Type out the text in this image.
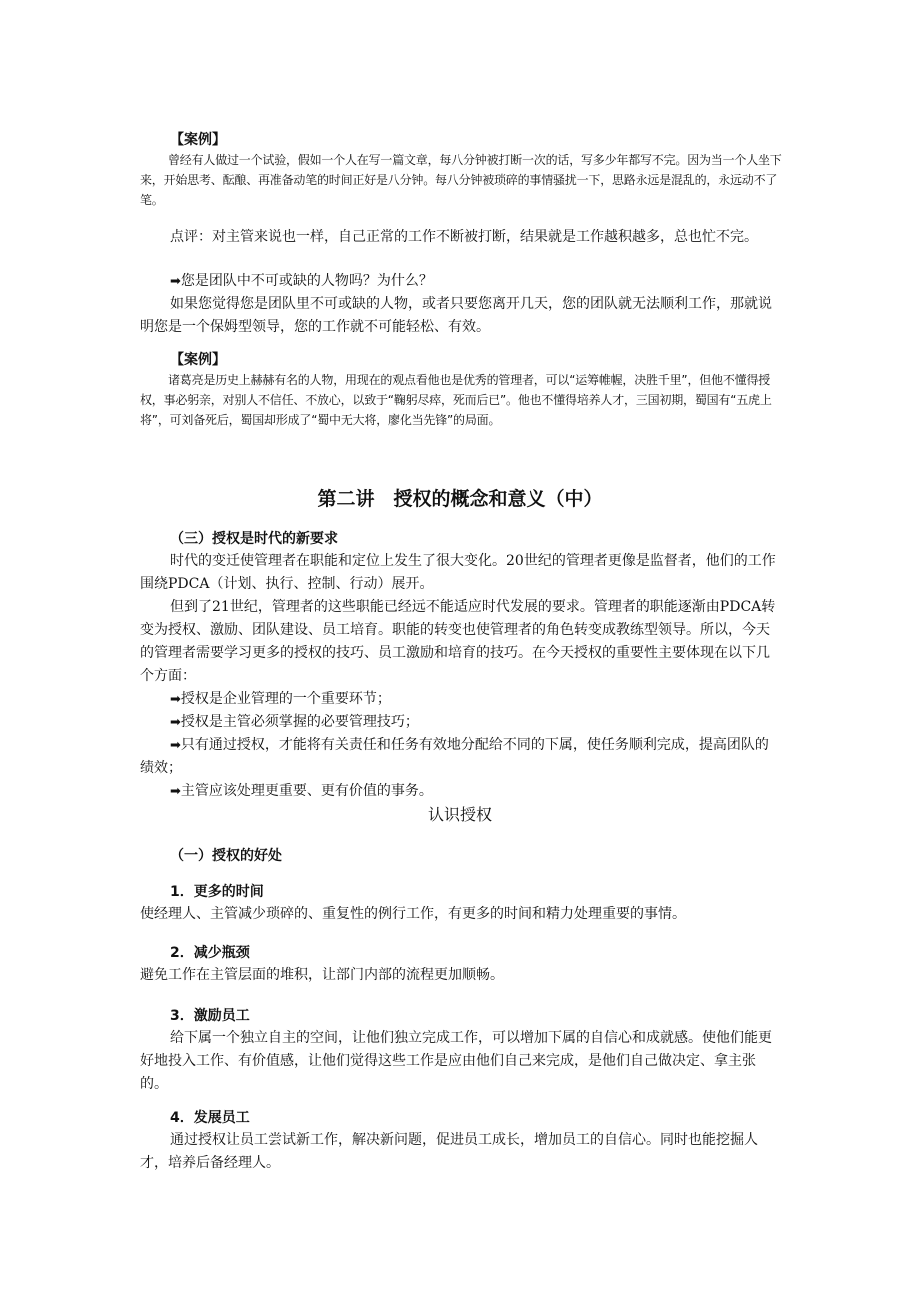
【案例】

曾经有人做过一个试验，假如一个人在写一篇文章，每八分钟被打断一次的话，写多少年都写不完。因为当一个人坐下来，开始思考、酝酿、再准备动笔的时间正好是八分钟。每八分钟被琐碎的事情骚扰一下，思路永远是混乱的，永远动不了笔。

点评：对主管来说也一样，自己正常的工作不断被打断，结果就是工作越积越多，总也忙不完。

➡您是团队中不可或缺的人物吗？为什么？

如果您觉得您是团队里不可或缺的人物，或者只要您离开几天，您的团队就无法顺利工作，那就说明您是一个保姆型领导，您的工作就不可能轻松、有效。

【案例】

诸葛亮是历史上赫赫有名的人物，用现在的观点看他也是优秀的管理者，可以“运筹帷幄，决胜千里”，但他不懂得授权，事必躬亲，对别人不信任、不放心，以致于“鞠躬尽瘁，死而后已”。他也不懂得培养人才，三国初期，蜀国有“五虎上将”，可刘备死后，蜀国却形成了“蜀中无大将，廖化当先锋”的局面。

第二讲　授权的概念和意义（中）

（三）授权是时代的新要求

时代的变迁使管理者在职能和定位上发生了很大变化。20世纪的管理者更像是监督者，他们的工作围绕PDCA（计划、执行、控制、行动）展开。

但到了21世纪，管理者的这些职能已经远不能适应时代发展的要求。管理者的职能逐渐由PDCA转变为授权、激励、团队建设、员工培育。职能的转变也使管理者的角色转变成教练型领导。所以，今天的管理者需要学习更多的授权的技巧、员工激励和培育的技巧。在今天授权的重要性主要体现在以下几个方面：

➡授权是企业管理的一个重要环节；

➡授权是主管必须掌握的必要管理技巧；

➡只有通过授权，才能将有关责任和任务有效地分配给不同的下属，使任务顺利完成，提高团队的绩效；

➡主管应该处理更重要、更有价值的事务。

认识授权

（一）授权的好处

1．更多的时间

使经理人、主管减少琐碎的、重复性的例行工作，有更多的时间和精力处理重要的事情。

2．减少瓶颈

避免工作在主管层面的堆积，让部门内部的流程更加顺畅。

3．激励员工

给下属一个独立自主的空间，让他们独立完成工作，可以增加下属的自信心和成就感。使他们能更好地投入工作、有价值感，让他们觉得这些工作是应由他们自己来完成，是他们自己做决定、拿主张的。

4．发展员工

通过授权让员工尝试新工作，解决新问题，促进员工成长，增加员工的自信心。同时也能挖掘人才，培养后备经理人。
